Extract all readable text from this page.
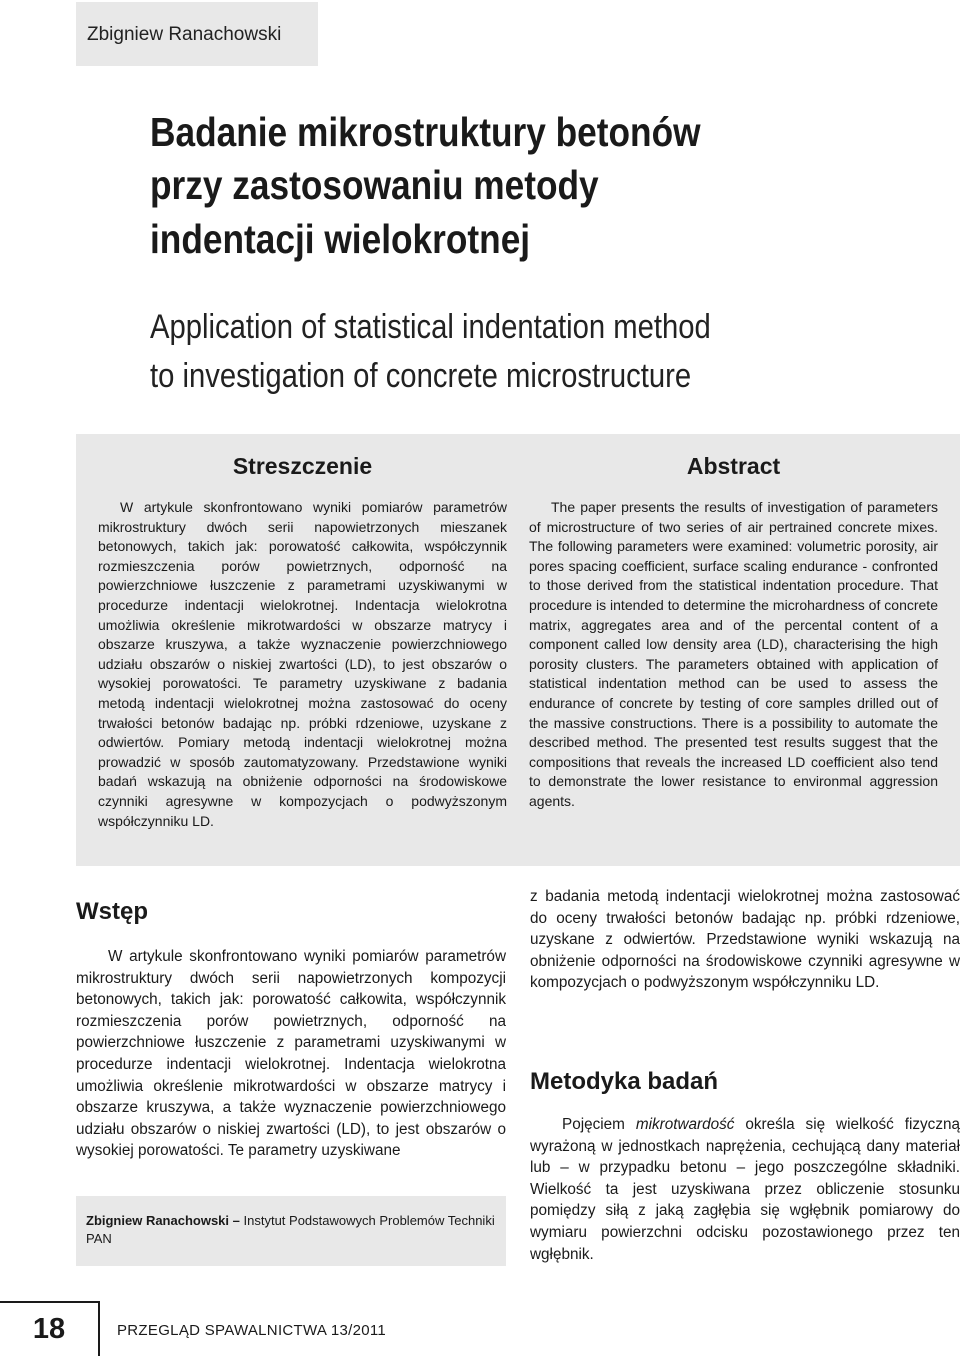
Zbigniew Ranachowski
Badanie mikrostruktury betonów
przy zastosowaniu metody
indentacji wielokrotnej
Application of statistical indentation method
to investigation of concrete microstructure
Streszczenie

W artykule skonfrontowano wyniki pomiarów parametrów mikrostruktury dwóch serii napowietrzonych mieszanek betonowych, takich jak: porowatość całkowita, współczynnik rozmieszczenia porów powietrznych, odporność na powierzchniowe łuszczenie z parametrami uzyskiwanymi w procedurze indentacji wielokrotnej. Indentacja wielokrotna umożliwia określenie mikrotwardości w obszarze matrycy i obszarze kruszywa, a także wyznaczenie powierzchniowego udziału obszarów o niskiej zwartości (LD), to jest obszarów o wysokiej porowatości. Te parametry uzyskiwane z badania metodą indentacji wielokrotnej można zastosować do oceny trwałości betonów badając np. próbki rdzeniowe, uzyskane z odwiertów. Pomiary metodą indentacji wielokrotnej można prowadzić w sposób zautomatyzowany. Przedstawione wyniki badań wskazują na obniżenie odporności na środowiskowe czynniki agresywne w kompozycjach o podwyższonym współczynniku LD.

Abstract

The paper presents the results of investigation of parameters of microstructure of two series of air pertrained concrete mixes. The following parameters were examined: volumetric porosity, air pores spacing coefficient, surface scaling endurance - confronted to those derived from the statistical indentation procedure. That procedure is intended to determine the microhardness of concrete matrix, aggregates area and of the percental content of a component called low density area (LD), characterising the high porosity clusters. The parameters obtained with application of statistical indentation method can be used to assess the endurance of concrete by testing of core samples drilled out of the massive constructions. There is a possibility to automate the described method. The presented test results suggest that the compositions that reveals the increased LD coefficient also tend to demonstrate the lower resistance to environmal aggression agents.

Wstęp

W artykule skonfrontowano wyniki pomiarów parametrów mikrostruktury dwóch serii napowietrzonych kompozycji betonowych, takich jak: porowatość całkowita, współczynnik rozmieszczenia porów powietrznych, odporność na powierzchniowe łuszczenie z parametrami uzyskiwanymi w procedurze indentacji wielokrotnej. Indentacja wielokrotna umożliwia określenie mikrotwardości w obszarze matrycy i obszarze kruszywa, a także wyznaczenie powierzchniowego udziału obszarów o niskiej zwartości (LD), to jest obszarów o wysokiej porowatości. Te parametry uzyskiwane

z badania metodą indentacji wielokrotnej można zastosować do oceny trwałości betonów badając np. próbki rdzeniowe, uzyskane z odwiertów. Przedstawione wyniki wskazują na obniżenie odporności na środowiskowe czynniki agresywne w kompozycjach o podwyższonym współczynniku LD.

Metodyka badań

Pojęciem mikrotwardość określa się wielkość fizyczną wyrażoną w jednostkach naprężenia, cechującą dany materiał lub – w przypadku betonu – jego poszczególne składniki. Wielkość ta jest uzyskiwana przez obliczenie stosunku pomiędzy siłą z jaką zagłębia się wgłębnik pomiarowy do wymiaru powierzchni odcisku pozostawionego przez ten wgłębnik.

Zbigniew Ranachowski – Instytut Podstawowych Problemów Techniki PAN

18	PRZEGLĄD SPAWALNICTWA 13/2011
